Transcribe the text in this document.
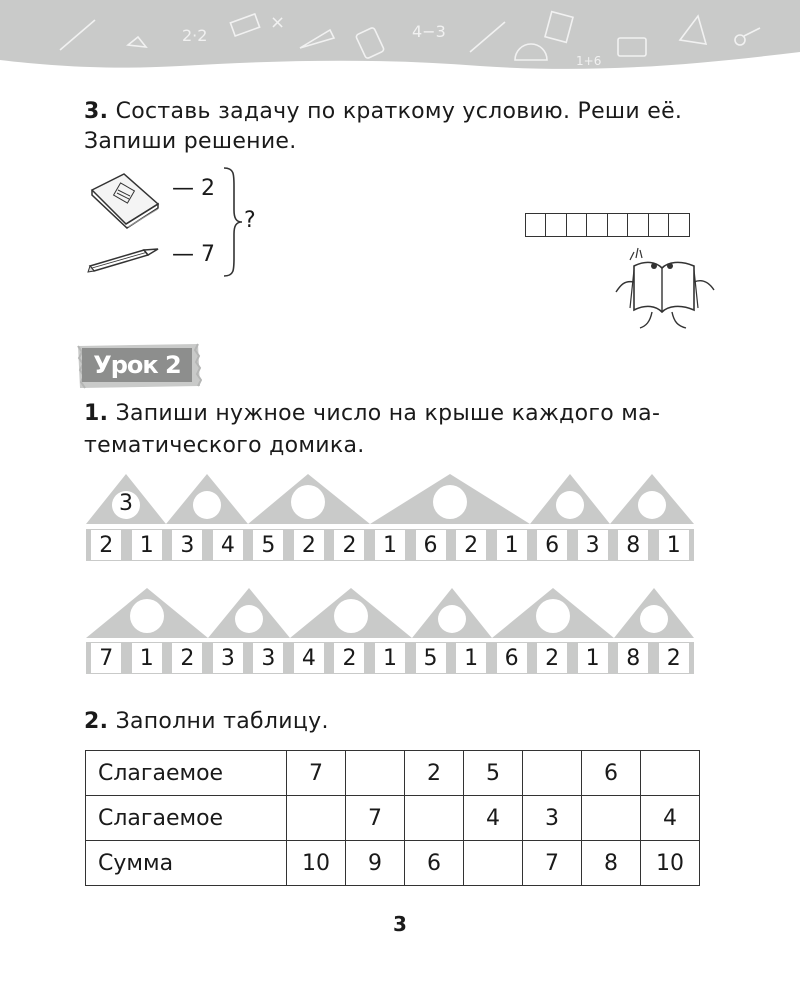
2·2
×	4−3
1+6
3. Составь задачу по краткому условию. Реши её.
Запиши решение.
— 2
— 7
?
Урок 2
1. Запиши нужное число на крыше каждого ма-
тематического домика.
3
2	1	3	4	5	2	2	1	6	2	1	6	3	8	1
7	1	2	3	3	4	2	1	5	1	6	2	1	8	2
2. Заполни таблицу.
Слагаемое	7		2	5		6	
Слагаемое		7		4	3		4
Сумма	10	9	6		7	8	10
3
